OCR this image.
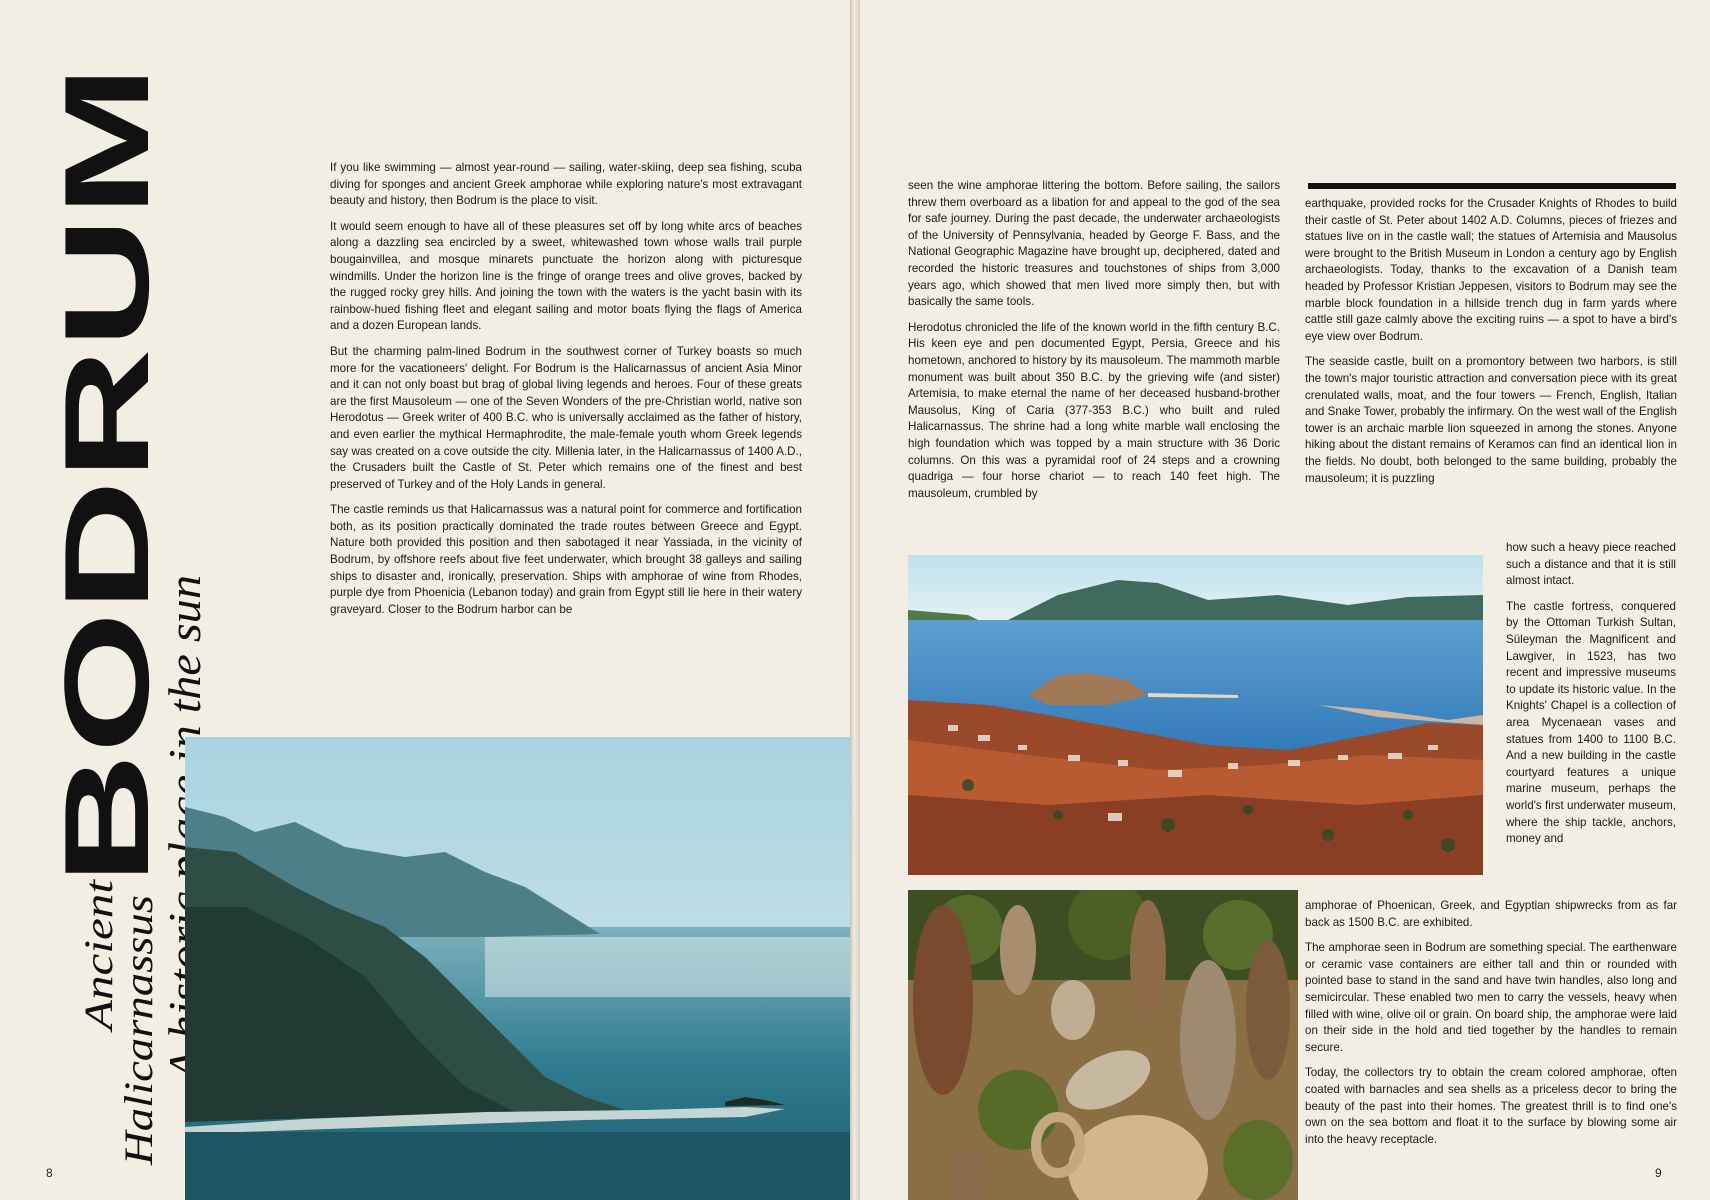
BODRUM
A historic place in the sun
Ancient
Halicarnassus

If you like swimming — almost year-round — sailing, water-skiing, deep sea fishing, scuba diving for sponges and ancient Greek amphorae while exploring nature's most extravagant beauty and history, then Bodrum is the place to visit.

It would seem enough to have all of these pleasures set off by long white arcs of beaches along a dazzling sea encircled by a sweet, whitewashed town whose walls trail purple bougainvillea, and mosque minarets punctuate the horizon along with picturesque windmills. Under the horizon line is the fringe of orange trees and olive groves, backed by the rugged rocky grey hills. And joining the town with the waters is the yacht basin with its rainbow-hued fishing fleet and elegant sailing and motor boats flying the flags of America and a dozen European lands.

But the charming palm-lined Bodrum in the southwest corner of Turkey boasts so much more for the vacationeers' delight. For Bodrum is the Halicarnassus of ancient Asia Minor and it can not only boast but brag of global living legends and heroes. Four of these greats are the first Mausoleum — one of the Seven Wonders of the pre-Christian world, native son Herodotus — Greek writer of 400 B.C. who is universally acclaimed as the father of history, and even earlier the mythical Hermaphrodite, the male-female youth whom Greek legends say was created on a cove outside the city. Millenia later, in the Halicarnassus of 1400 A.D., the Crusaders built the Castle of St. Peter which remains one of the finest and best preserved of Turkey and of the Holy Lands in general.

The castle reminds us that Halicarnassus was a natural point for commerce and fortification both, as its position practically dominated the trade routes between Greece and Egypt. Nature both provided this position and then sabotaged it near Yassiada, in the vicinity of Bodrum, by offshore reefs about five feet underwater, which brought 38 galleys and sailing ships to disaster and, ironically, preservation. Ships with amphorae of wine from Rhodes, purple dye from Phoenicia (Lebanon today) and grain from Egypt still lie here in their watery graveyard. Closer to the Bodrum harbor can be

8

seen the wine amphorae littering the bottom. Before sailing, the sailors threw them overboard as a libation for and appeal to the god of the sea for safe journey. During the past decade, the underwater archaeologists of the University of Pennsylvania, headed by George F. Bass, and the National Geographic Magazine have brought up, deciphered, dated and recorded the historic treasures and touchstones of ships from 3,000 years ago, which showed that men lived more simply then, but with basically the same tools.

Herodotus chronicled the life of the known world in the fifth century B.C. His keen eye and pen documented Egypt, Persia, Greece and his hometown, anchored to history by its mausoleum. The mammoth marble monument was built about 350 B.C. by the grieving wife (and sister) Artemisia, to make eternal the name of her deceased husband-brother Mausolus, King of Caria (377-353 B.C.) who built and ruled Halicarnassus. The shrine had a long white marble wall enclosing the high foundation which was topped by a main structure with 36 Doric columns. On this was a pyramidal roof of 24 steps and a crowning quadriga — four horse chariot — to reach 140 feet high. The mausoleum, crumbled by

earthquake, provided rocks for the Crusader Knights of Rhodes to build their castle of St. Peter about 1402 A.D. Columns, pieces of friezes and statues live on in the castle wall; the statues of Artemisia and Mausolus were brought to the British Museum in London a century ago by English archaeologists. Today, thanks to the excavation of a Danish team headed by Professor Kristian Jeppesen, visitors to Bodrum may see the marble block foundation in a hillside trench dug in farm yards where cattle still gaze calmly above the exciting ruins — a spot to have a bird's eye view over Bodrum.

The seaside castle, built on a promontory between two harbors, is still the town's major touristic attraction and conversation piece with its great crenulated walls, moat, and the four towers — French, English, Italian and Snake Tower, probably the infirmary. On the west wall of the English tower is an archaic marble lion squeezed in among the stones. Anyone hiking about the distant remains of Keramos can find an identical lion in the fields. No doubt, both belonged to the same building, probably the mausoleum; it is puzzling

how such a heavy piece reached such a distance and that it is still almost intact.

The castle fortress, conquered by the Ottoman Turkish Sultan, Süleyman the Magnificent and Lawgiver, in 1523, has two recent and impressive museums to update its historic value. In the Knights' Chapel is a collection of area Mycenaean vases and statues from 1400 to 1100 B.C. And a new building in the castle courtyard features a unique marine museum, perhaps the world's first underwater museum, where the ship tackle, anchors, money and

amphorae of Phoenican, Greek, and Egyptian shipwrecks from as far back as 1500 B.C. are exhibited.

The amphorae seen in Bodrum are something special. The earthenware or ceramic vase containers are either tall and thin or rounded with pointed base to stand in the sand and have twin handles, also long and semicircular. These enabled two men to carry the vessels, heavy when filled with wine, olive oil or grain. On board ship, the amphorae were laid on their side in the hold and tied together by the handles to remain secure.

Today, the collectors try to obtain the cream colored amphorae, often coated with barnacles and sea shells as a priceless decor to bring the beauty of the past into their homes. The greatest thrill is to find one's own on the sea bottom and float it to the surface by blowing some air into the heavy receptacle.

9
